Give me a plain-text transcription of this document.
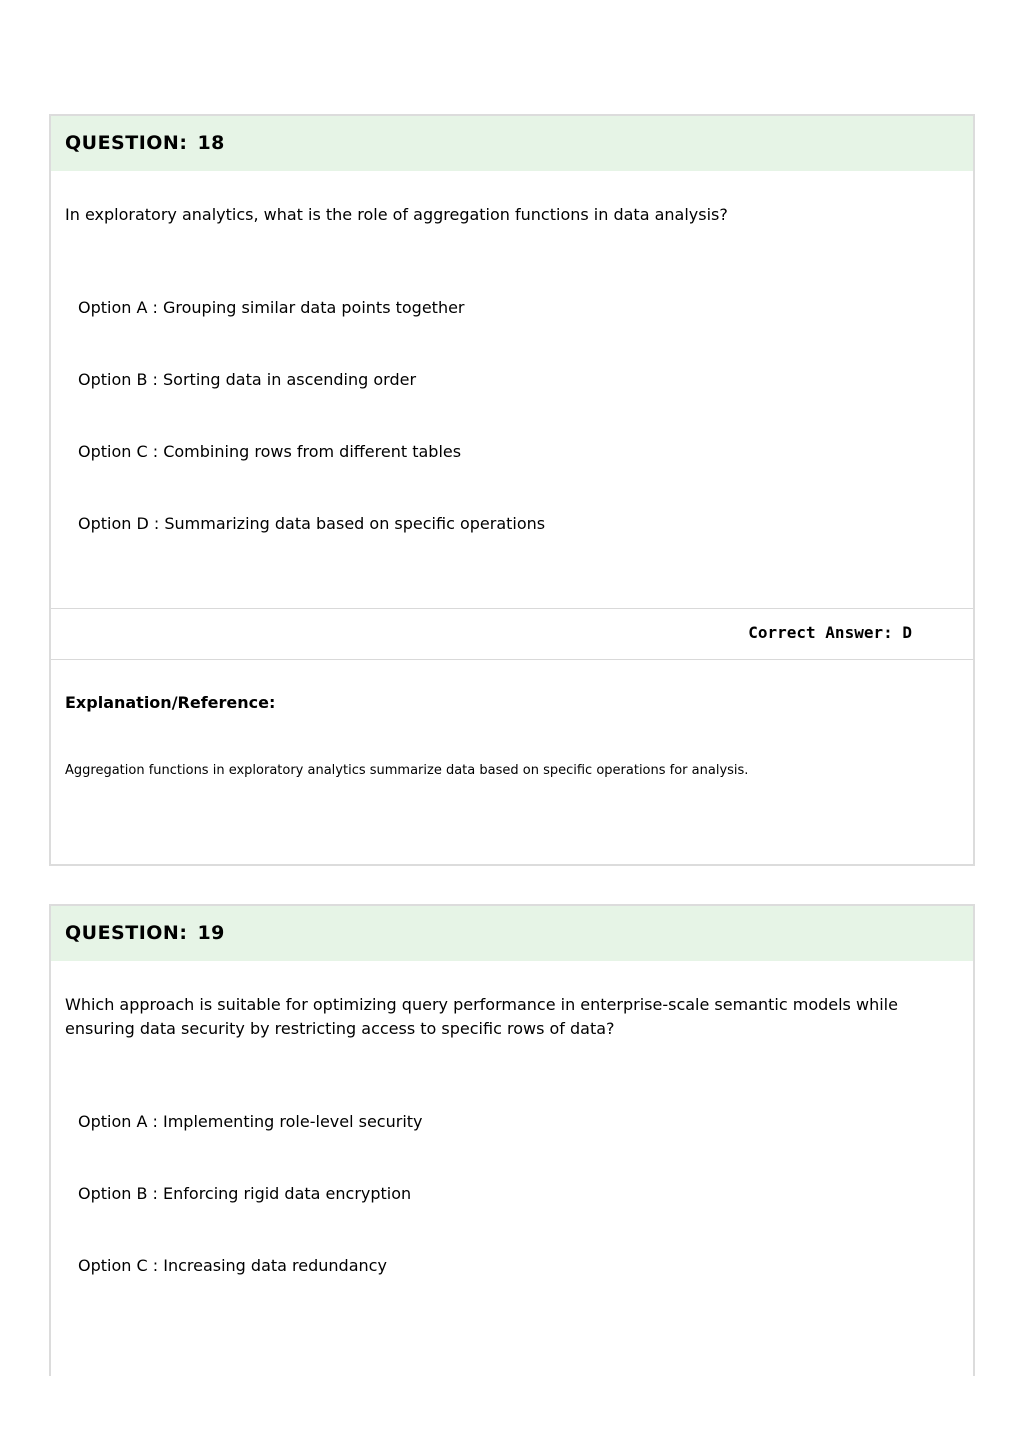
QUESTION: 18
In exploratory analytics, what is the role of aggregation functions in data analysis?
Option A : Grouping similar data points together
Option B : Sorting data in ascending order
Option C : Combining rows from different tables
Option D : Summarizing data based on specific operations
Correct Answer: D
Explanation/Reference:
Aggregation functions in exploratory analytics summarize data based on specific operations for analysis.
QUESTION: 19
Which approach is suitable for optimizing query performance in enterprise-scale semantic models while ensuring data security by restricting access to specific rows of data?
Option A : Implementing role-level security
Option B : Enforcing rigid data encryption
Option C : Increasing data redundancy
